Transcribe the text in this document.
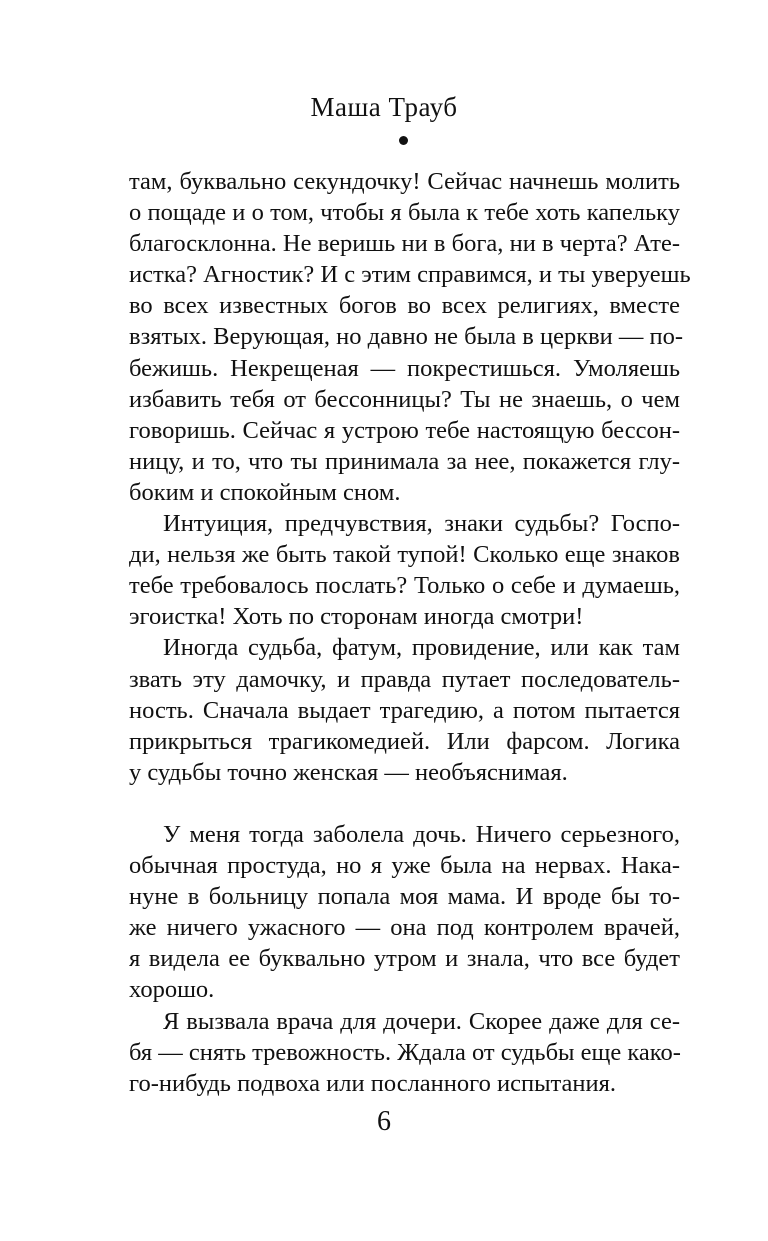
Маша Трауб
там, буквально секундочку! Сейчас начнешь молить
о пощаде и о том, чтобы я была к тебе хоть капельку
благосклонна. Не веришь ни в бога, ни в черта? Ате-
истка? Агностик? И с этим справимся, и ты уверуешь
во всех известных богов во всех религиях, вместе
взятых. Верующая, но давно не была в церкви — по-
бежишь. Некрещеная — покрестишься. Умоляешь
избавить тебя от бессонницы? Ты не знаешь, о чем
говоришь. Сейчас я устрою тебе настоящую бессон-
ницу, и то, что ты принимала за нее, покажется глу-
боким и спокойным сном.
Интуиция, предчувствия, знаки судьбы? Госпо-
ди, нельзя же быть такой тупой! Сколько еще знаков
тебе требовалось послать? Только о себе и думаешь,
эгоистка! Хоть по сторонам иногда смотри!
Иногда судьба, фатум, провидение, или как там
звать эту дамочку, и правда путает последователь-
ность. Сначала выдает трагедию, а потом пытается
прикрыться трагикомедией. Или фарсом. Логика
у судьбы точно женская — необъяснимая.
У меня тогда заболела дочь. Ничего серьезного,
обычная простуда, но я уже была на нервах. Нака-
нуне в больницу попала моя мама. И вроде бы то-
же ничего ужасного — она под контролем врачей,
я видела ее буквально утром и знала, что все будет
хорошо.
Я вызвала врача для дочери. Скорее даже для се-
бя — снять тревожность. Ждала от судьбы еще како-
го-нибудь подвоха или посланного испытания.
6
